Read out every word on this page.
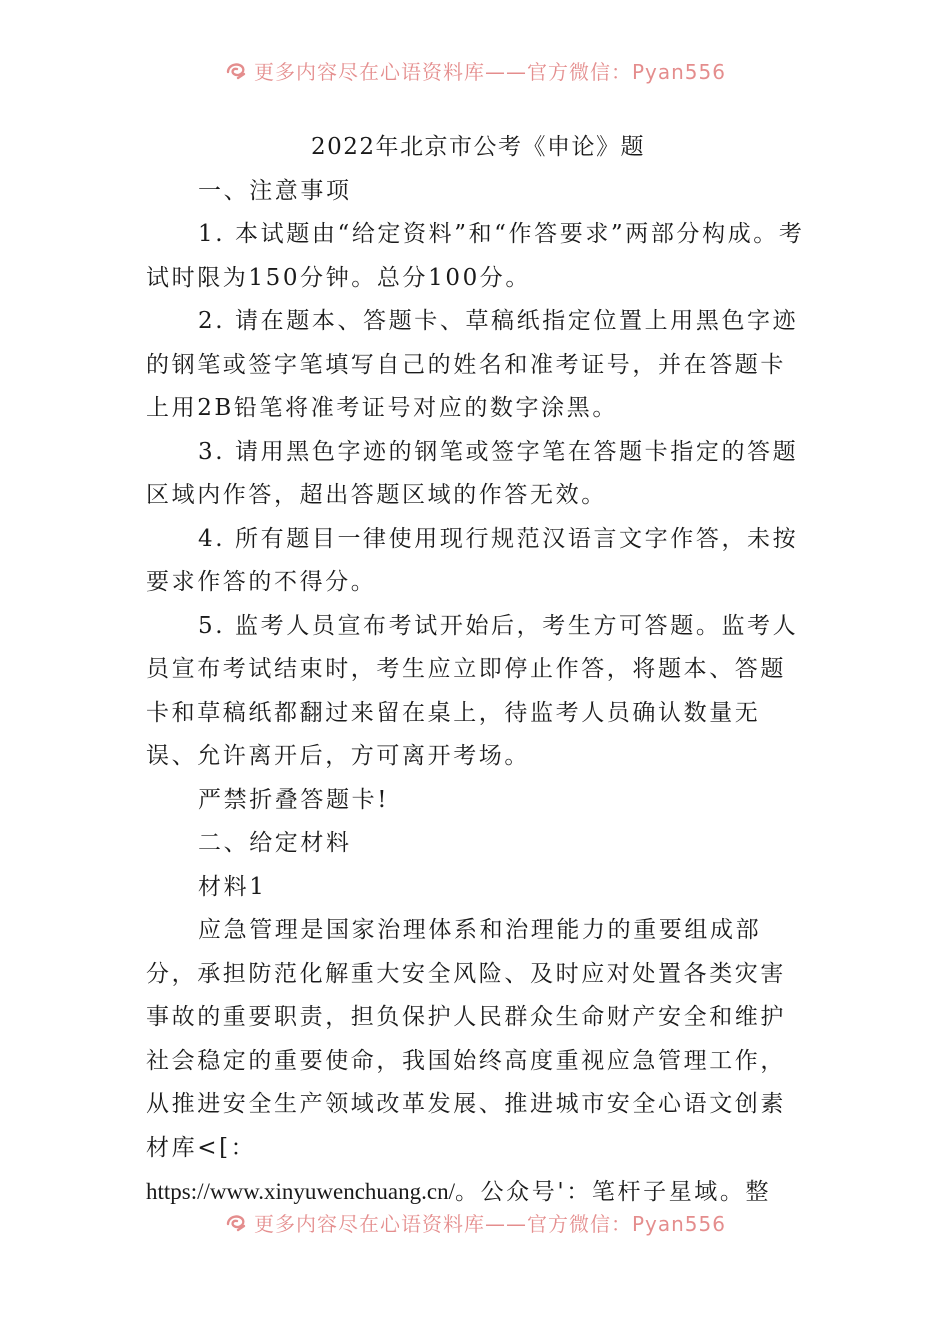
更多内容尽在心语资料库——官方微信：Pyan556

2022年北京市公考《申论》题

一、注意事项

1. 本试题由“给定资料”和“作答要求”两部分构成。考试时限为150分钟。总分100分。

2. 请在题本、答题卡、草稿纸指定位置上用黑色字迹的钢笔或签字笔填写自己的姓名和准考证号，并在答题卡上用2B铅笔将准考证号对应的数字涂黑。

3. 请用黑色字迹的钢笔或签字笔在答题卡指定的答题区域内作答，超出答题区域的作答无效。

4. 所有题目一律使用现行规范汉语言文字作答，未按要求作答的不得分。

5. 监考人员宣布考试开始后，考生方可答题。监考人员宣布考试结束时，考生应立即停止作答，将题本、答题卡和草稿纸都翻过来留在桌上，待监考人员确认数量无误、允许离开后，方可离开考场。

严禁折叠答题卡!

二、给定材料

材料1

应急管理是国家治理体系和治理能力的重要组成部分，承担防范化解重大安全风险、及时应对处置各类灾害事故的重要职责，担负保护人民群众生命财产安全和维护社会稳定的重要使命，我国始终高度重视应急管理工作，从推进安全生产领域改革发展、推进城市安全心语文创素材库<[：
https://www.xinyuwenchuang.cn/。公众号'：笔杆子星域。整

更多内容尽在心语资料库——官方微信：Pyan556
